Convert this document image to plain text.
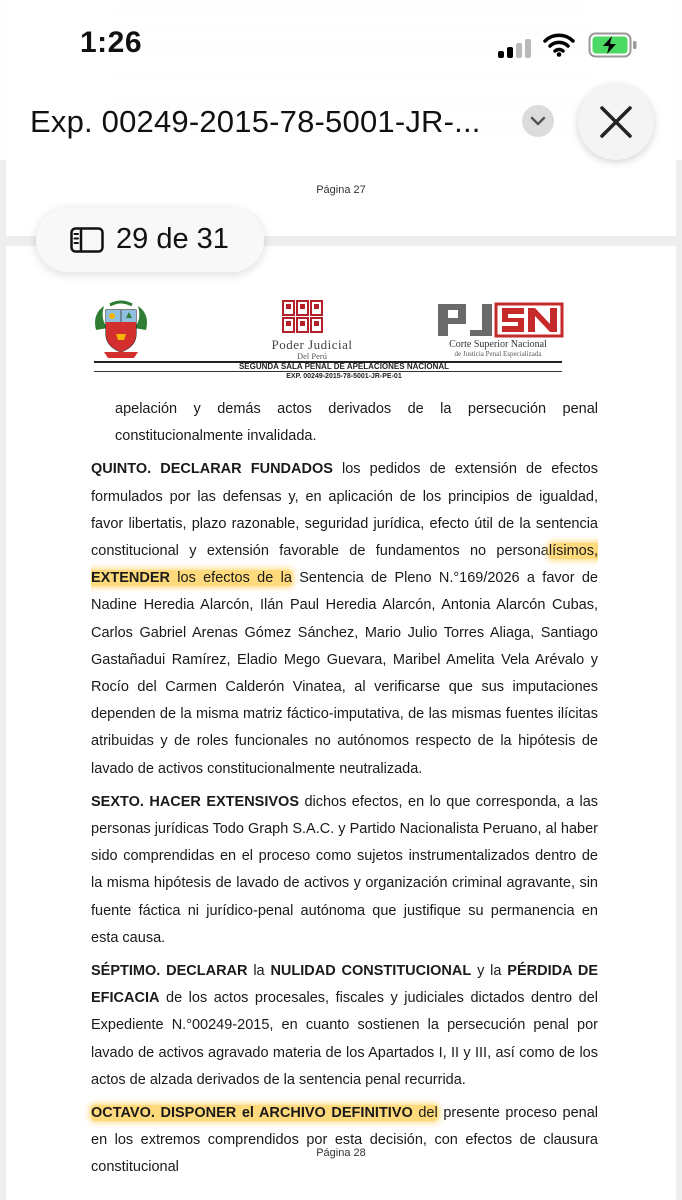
Página 27
1:26
Exp. 00249-2015-78-5001-JR-...
29 de 31
Poder Judicial
Del Perú
Corte Superior Nacional
de Justicia Penal Especializada
SEGUNDA SALA PENAL DE APELACIONES NACIONAL
EXP. 00249-2015-78-5001-JR-PE-01

apelación y demás actos derivados de la persecución penal constitucionalmente invalidada.

QUINTO. DECLARAR FUNDADOS los pedidos de extensión de efectos formulados por las defensas y, en aplicación de los principios de igualdad, favor libertatis, plazo razonable, seguridad jurídica, efecto útil de la sentencia constitucional y extensión favorable de fundamentos no personalísimos, EXTENDER los efectos de la Sentencia de Pleno N.°169/2026 a favor de Nadine Heredia Alarcón, Ilán Paul Heredia Alarcón, Antonia Alarcón Cubas, Carlos Gabriel Arenas Gómez Sánchez, Mario Julio Torres Aliaga, Santiago Gastañadui Ramírez, Eladio Mego Guevara, Maribel Amelita Vela Arévalo y Rocío del Carmen Calderón Vinatea, al verificarse que sus imputaciones dependen de la misma matriz fáctico-imputativa, de las mismas fuentes ilícitas atribuidas y de roles funcionales no autónomos respecto de la hipótesis de lavado de activos constitucionalmente neutralizada.

SEXTO. HACER EXTENSIVOS dichos efectos, en lo que corresponda, a las personas jurídicas Todo Graph S.A.C. y Partido Nacionalista Peruano, al haber sido comprendidas en el proceso como sujetos instrumentalizados dentro de la misma hipótesis de lavado de activos y organización criminal agravante, sin fuente fáctica ni jurídico-penal autónoma que justifique su permanencia en esta causa.

SÉPTIMO. DECLARAR la NULIDAD CONSTITUCIONAL y la PÉRDIDA DE EFICACIA de los actos procesales, fiscales y judiciales dictados dentro del Expediente N.°00249-2015, en cuanto sostienen la persecución penal por lavado de activos agravado materia de los Apartados I, II y III, así como de los actos de alzada derivados de la sentencia penal recurrida.

OCTAVO. DISPONER el ARCHIVO DEFINITIVO del presente proceso penal en los extremos comprendidos por esta decisión, con efectos de clausura constitucional

Página 28
